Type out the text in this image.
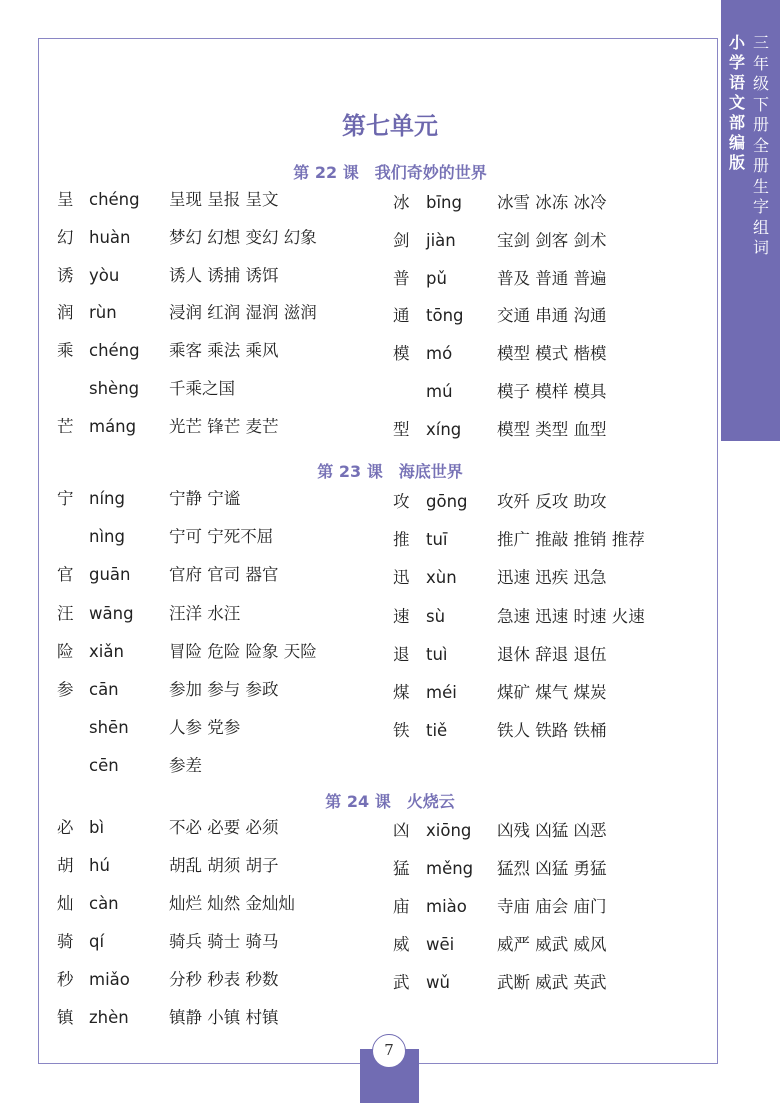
小学语文部编版
三年级下册 全册生字组词
第七单元
第 22 课　我们奇妙的世界
呈 chéng 呈现 呈报 呈文
幻 huàn 梦幻 幻想 变幻 幻象
诱 yòu	诱人 诱捕 诱饵
润 rùn	浸润 红润 湿润 滋润
乘 chéng 乘客 乘法 乘风
shèng 千乘之国
芒 máng 光芒 锋芒 麦芒
冰 bīng 冰雪 冰冻 冰冷
剑 jiàn	宝剑 剑客 剑术
普 pǔ	普及 普通 普遍
通 tōng 交通 串通 沟通
模 mó	模型 模式 楷模
mú	模子 模样 模具
型 xíng 模型 类型 血型
第 23 课　海底世界
宁 níng	宁静 宁谧
nìng	宁可 宁死不屈
官 guān 官府 官司 器官
汪 wāng 汪洋 水汪
险 xiǎn	冒险 危险 险象 天险
参 cān	参加 参与 参政
shēn 人参 党参
cēn	参差
攻 gōng 攻歼 反攻 助攻
推 tuī	推广 推敲 推销 推荐
迅 xùn 迅速 迅疾 迅急
速 sù	急速 迅速 时速 火速
退 tuì	退休 辞退 退伍
煤 méi 煤矿 煤气 煤炭
铁 tiě	铁人 铁路 铁桶
第 24 课　火烧云
必 bì	不必 必要 必须
胡 hú	胡乱 胡须 胡子
灿 càn	灿烂 灿然 金灿灿
骑 qí	骑兵 骑士 骑马
秒 miǎo 分秒 秒表 秒数
镇 zhèn 镇静 小镇 村镇
凶 xiōng 凶残 凶猛 凶恶
猛 měng 猛烈 凶猛 勇猛
庙 miào 寺庙 庙会 庙门
威 wēi	威严 威武 威风
武 wǔ	武断 威武 英武
7
